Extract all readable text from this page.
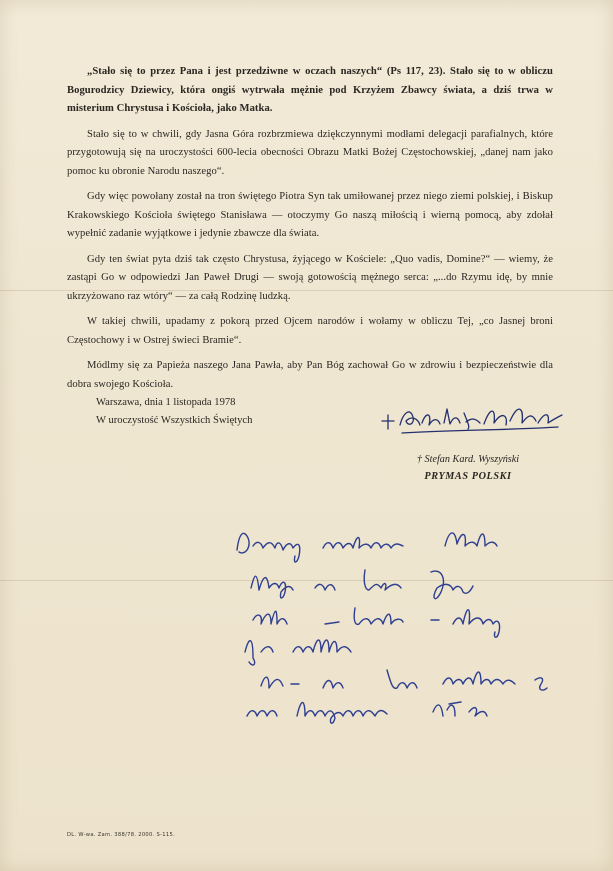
„Stało się to przez Pana i jest przedziwne w oczach naszych“ (Ps 117, 23). Stało się to w obliczu Bogurodzicy Dziewicy, która ongiś wytrwała mężnie pod Krzyżem Zbawcy świata, a dziś trwa w misterium Chrystusa i Kościoła, jako Matka.

Stało się to w chwili, gdy Jasna Góra rozbrzmiewa dziękczynnymi modłami delegacji parafialnych, które przygotowują się na uroczystości 600-lecia obecności Obrazu Matki Bożej Częstochowskiej, „danej nam jako pomoc ku obronie Narodu naszego“.

Gdy więc powołany został na tron świętego Piotra Syn tak umiłowanej przez niego ziemi polskiej, i Biskup Krakowskiego Kościoła świętego Stanisława — otoczymy Go naszą miłością i wierną pomocą, aby zdołał wypełnić zadanie wyjątkowe i jedynie zbawcze dla świata.

Gdy ten świat pyta dziś tak często Chrystusa, żyjącego w Kościele: „Quo vadis, Domine?“ — wiemy, że zastąpi Go w odpowiedzi Jan Paweł Drugi — swoją gotowością mężnego serca: „...do Rzymu idę, by mnie ukrzyżowano raz wtóry“ — za całą Rodzinę ludzką.

W takiej chwili, upadamy z pokorą przed Ojcem narodów i wołamy w obliczu Tej, „co Jasnej broni Częstochowy i w Ostrej świeci Bramie“.

Módlmy się za Papieża naszego Jana Pawła, aby Pan Bóg zachował Go w zdrowiu i bezpieczeństwie dla dobra swojego Kościoła.

Warszawa, dnia 1 listopada 1978
W uroczystość Wszystkich Świętych
† Stefan Kard. Wyszyński
PRYMAS POLSKI
DL. W-wa. Zam. 388/78. 2000. S-115.
